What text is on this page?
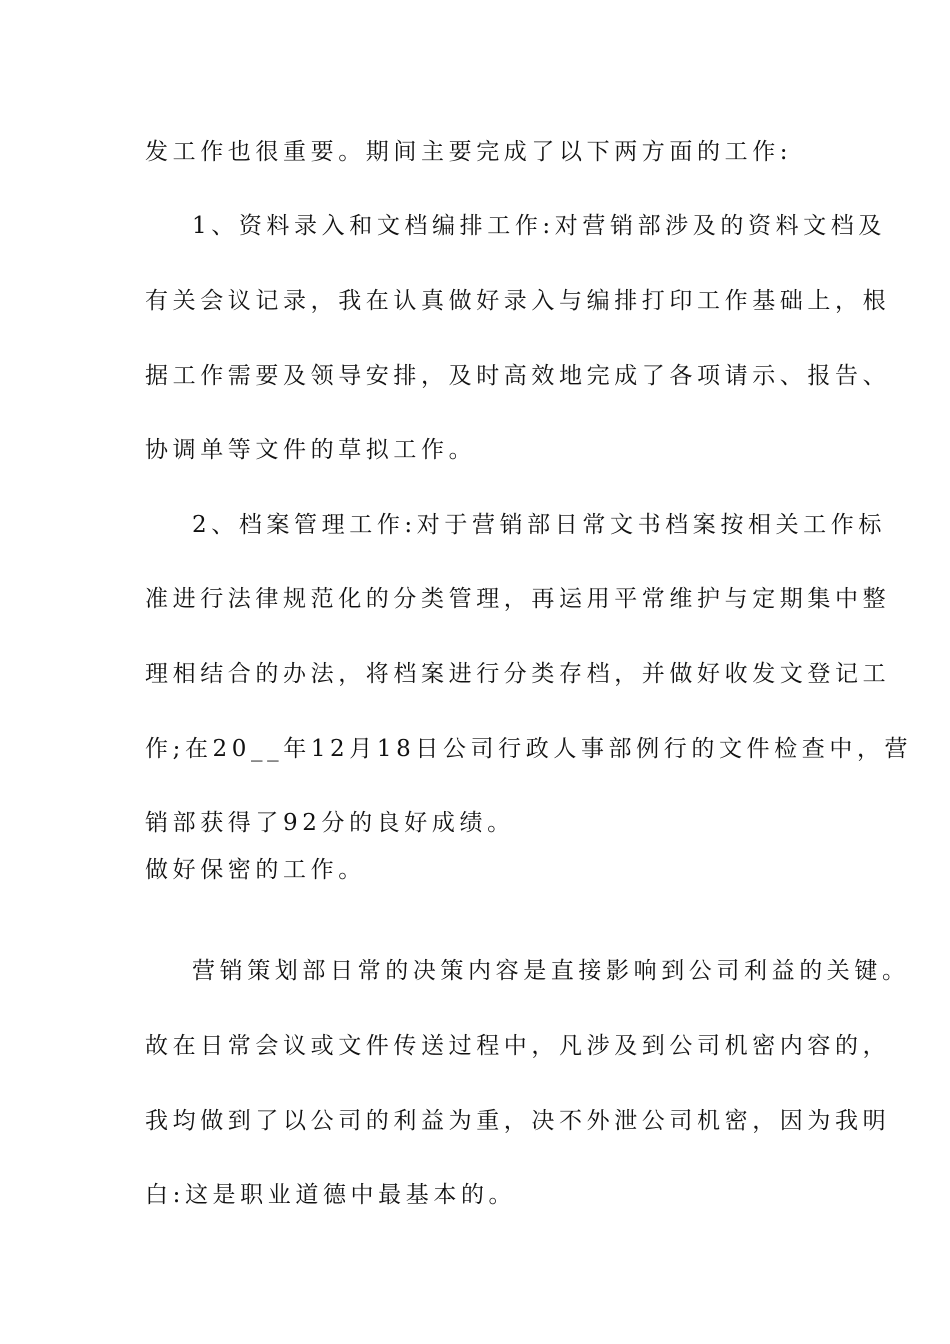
发工作也很重要。期间主要完成了以下两方面的工作:
1、资料录入和文档编排工作:对营销部涉及的资料文档及
有关会议记录，我在认真做好录入与编排打印工作基础上，根
据工作需要及领导安排，及时高效地完成了各项请示、报告、
协调单等文件的草拟工作。
2、档案管理工作:对于营销部日常文书档案按相关工作标
准进行法律规范化的分类管理，再运用平常维护与定期集中整
理相结合的办法，将档案进行分类存档，并做好收发文登记工
作;在20__年12月18日公司行政人事部例行的文件检查中，营
销部获得了92分的良好成绩。
做好保密的工作。
营销策划部日常的决策内容是直接影响到公司利益的关键。
故在日常会议或文件传送过程中，凡涉及到公司机密内容的，
我均做到了以公司的利益为重，决不外泄公司机密，因为我明
白:这是职业道德中最基本的。
